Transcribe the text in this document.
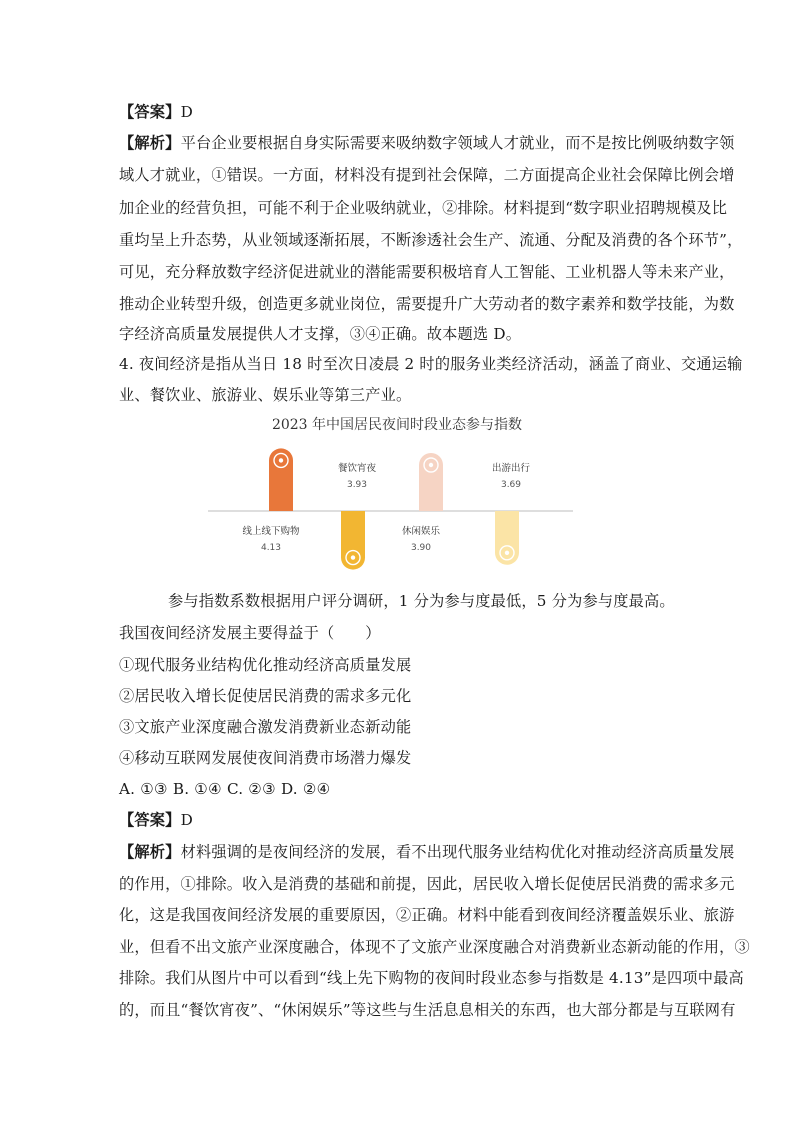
【答案】D
【解析】平台企业要根据自身实际需要来吸纳数字领域人才就业，而不是按比例吸纳数字领
域人才就业，①错误。一方面，材料没有提到社会保障，二方面提高企业社会保障比例会增
加企业的经营负担，可能不利于企业吸纳就业，②排除。材料提到“数字职业招聘规模及比
重均呈上升态势，从业领域逐渐拓展，不断渗透社会生产、流通、分配及消费的各个环节”，
可见，充分释放数字经济促进就业的潜能需要积极培育人工智能、工业机器人等未来产业，
推动企业转型升级，创造更多就业岗位，需要提升广大劳动者的数字素养和数学技能，为数
字经济高质量发展提供人才支撑，③④正确。故本题选 D。
4. 夜间经济是指从当日 18 时至次日凌晨 2 时的服务业类经济活动，涵盖了商业、交通运输
业、餐饮业、旅游业、娱乐业等第三产业。
2023 年中国居民夜间时段业态参与指数
线上线下购物
4.13
餐饮宵夜
3.93
休闲娱乐
3.90
出游出行
3.69
参与指数系数根据用户评分调研，1 分为参与度最低，5 分为参与度最高。
我国夜间经济发展主要得益于（　　）
①现代服务业结构优化推动经济高质量发展
②居民收入增长促使居民消费的需求多元化
③文旅产业深度融合激发消费新业态新动能
④移动互联网发展使夜间消费市场潜力爆发
A. ①③ B. ①④ C. ②③ D. ②④
【答案】D
【解析】材料强调的是夜间经济的发展，看不出现代服务业结构优化对推动经济高质量发展
的作用，①排除。收入是消费的基础和前提，因此，居民收入增长促使居民消费的需求多元
化，这是我国夜间经济发展的重要原因，②正确。材料中能看到夜间经济覆盖娱乐业、旅游
业，但看不出文旅产业深度融合，体现不了文旅产业深度融合对消费新业态新动能的作用，③
排除。我们从图片中可以看到“线上先下购物的夜间时段业态参与指数是 4.13”是四项中最高
的，而且“餐饮宵夜”、“休闲娱乐”等这些与生活息息相关的东西，也大部分都是与互联网有
